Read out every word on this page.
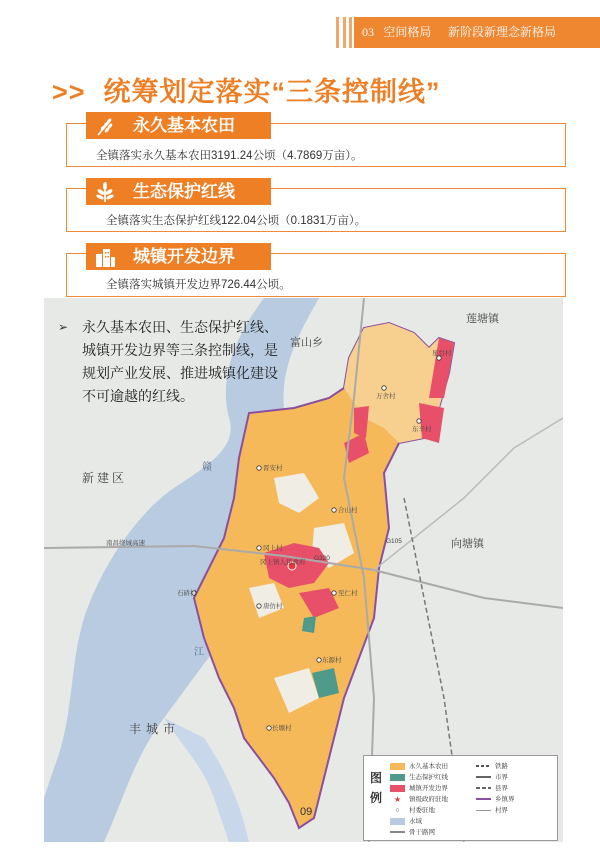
03 空间格局 新阶段新理念新格局
>> 统筹划定落实“三条控制线”
永久基本农田
全镇落实永久基本农田3191.24公顷（4.7869万亩）。
生态保护红线
全镇落实生态保护红线122.04公顷（0.1831万亩）。
城镇开发边界
全镇落实城镇开发边界726.44公顷。
莲塘镇
富山乡
新建区
向塘镇
丰城市
赣
江
万舍村
东辛村
星台村
晋安村
合山村
冈上村
冈上镇人民政府
石硚村
唐仿村
至仁村
东源村
长塬村
南昌绕城高速
G320
G105
➢ 永久基本农田、生态保护红线、城镇开发边界等三条控制线，是规划产业发展、推进城镇化建设不可逾越的红线。
图例
永久基本农田
生态保护红线
城镇开发边界
★ 镇级政府驻地
○ 村委驻地
水域
骨干路网
铁路
市界
县界
乡镇界
村界
09
